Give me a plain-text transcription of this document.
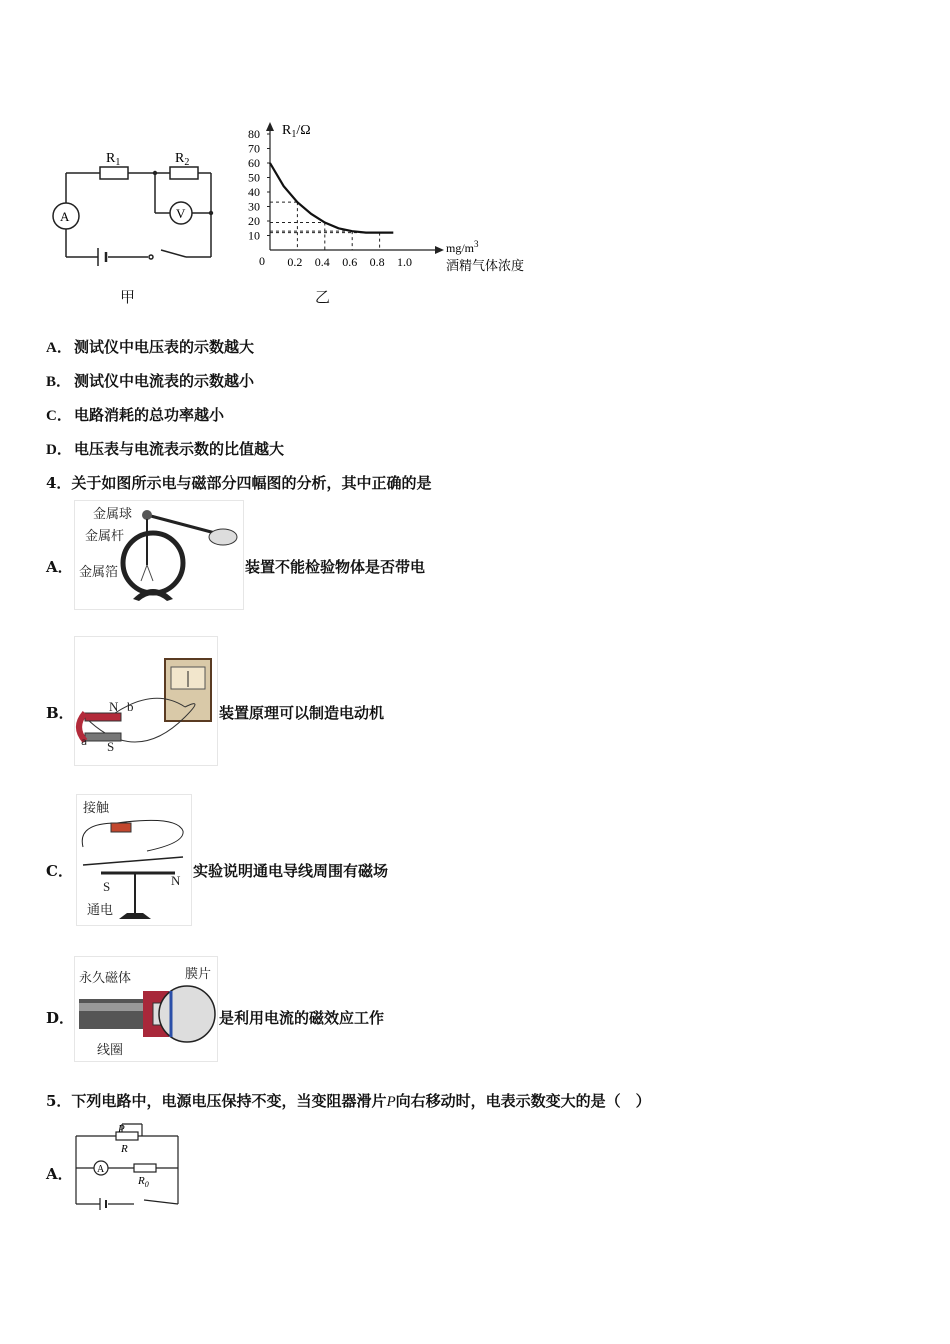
$R_1$	$R_2$
A	V
甲
10
20
30
40
50
60
70
80
0.2 0.4 0.6 0.8 1.0
$R_1/\Omega$
0
$mg/m^3$
酒精气体浓度
乙
A． 测试仪中电压表的示数越大
B． 测试仪中电流表的示数越小
C． 电路消耗的总功率越小
D． 电压表与电流表示数的比值越大
4．关于如图所示电与磁部分四幅图的分析，其中正确的是
A．
金属球
金属杆
金属箔	装置不能检验物体是否带电
B．	N b
a S
装置原理可以制造电动机
C．
接触
S	N
通电
实验说明通电导线周围有磁场
D．
永久磁体	膜片
线圈
是利用电流的磁效应工作
5．下列电路中，电源电压保持不变，当变阻器滑片P向右移动时，电表示数变大的是（　）
A．
P
R
$R_0$
A
